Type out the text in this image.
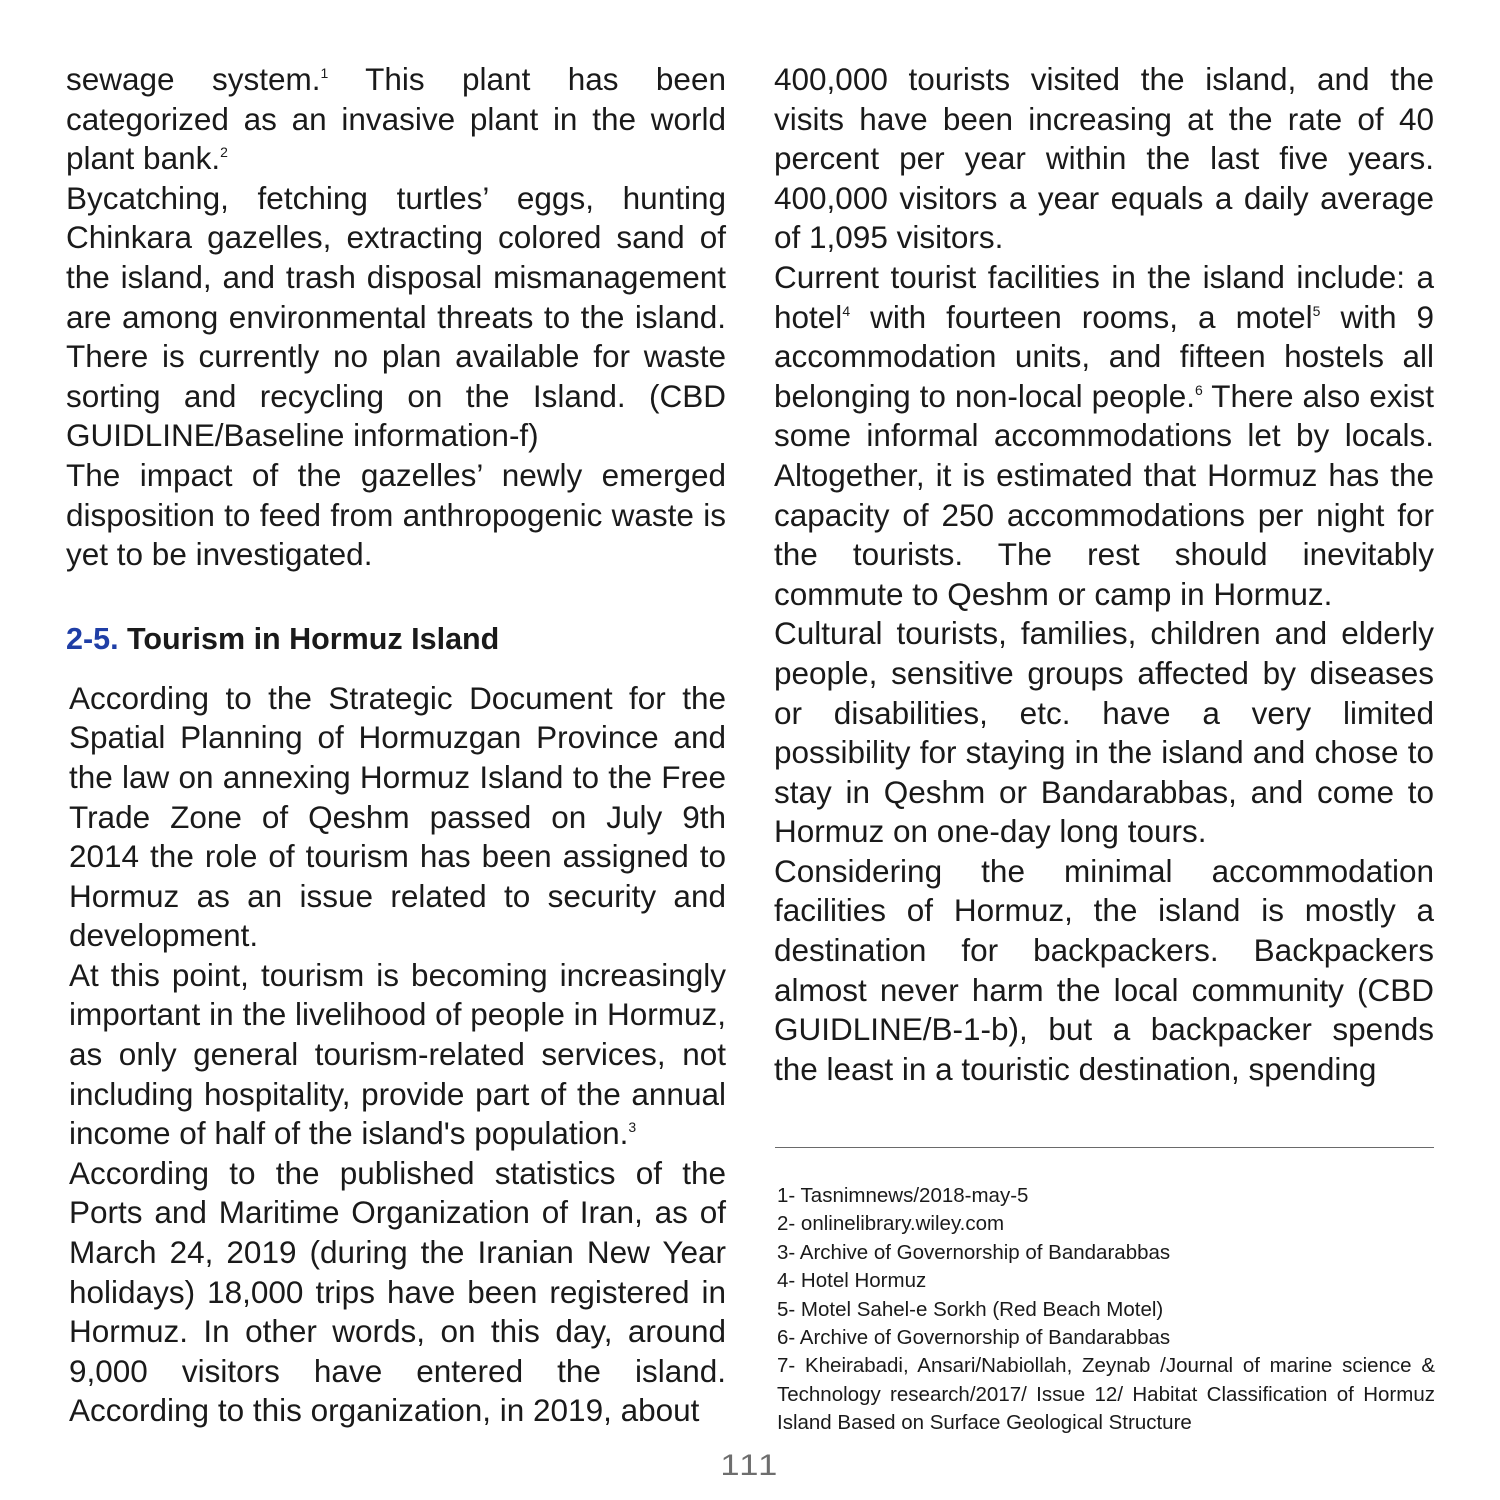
sewage system.$^1$ This plant has been categorized as an invasive plant in the world plant bank.$^2$

Bycatching, fetching turtles’ eggs, hunting Chinkara gazelles, extracting colored sand of the island, and trash disposal mismanagement are among environmental threats to the island. There is currently no plan available for waste sorting and recycling on the Island. (CBD GUIDLINE/Baseline information-f)

The impact of the gazelles’ newly emerged disposition to feed from anthropogenic waste is yet to be investigated.

2-5. Tourism in Hormuz Island

According to the Strategic Document for the Spatial Planning of Hormuzgan Province and the law on annexing Hormuz Island to the Free Trade Zone of Qeshm passed on July 9th 2014 the role of tourism has been assigned to Hormuz as an issue related to security and development.

At this point, tourism is becoming increasingly important in the livelihood of people in Hormuz, as only general tourism-related services, not including hospitality, provide part of the annual income of half of the island's population.$^3$

According to the published statistics of the Ports and Maritime Organization of Iran, as of March 24, 2019 (during the Iranian New Year holidays) 18,000 trips have been registered in Hormuz. In other words, on this day, around 9,000 visitors have entered the island. According to this organization, in 2019, about

400,000 tourists visited the island, and the visits have been increasing at the rate of 40 percent per year within the last five years. 400,000 visitors a year equals a daily average of 1,095 visitors.

Current tourist facilities in the island include: a hotel$^4$ with fourteen rooms, a motel$^5$ with 9 accommodation units, and fifteen hostels all belonging to non-local people.$^6$ There also exist some informal accommodations let by locals. Altogether, it is estimated that Hormuz has the capacity of 250 accommodations per night for the tourists. The rest should inevitably commute to Qeshm or camp in Hormuz.

Cultural tourists, families, children and elderly people, sensitive groups affected by diseases or disabilities, etc. have a very limited possibility for staying in the island and chose to stay in Qeshm or Bandarabbas, and come to Hormuz on one-day long tours.

Considering the minimal accommodation facilities of Hormuz, the island is mostly a destination for backpackers. Backpackers almost never harm the local community (CBD GUIDLINE/B-1-b), but a backpacker spends the least in a touristic destination, spending

1- Tasnimnews/2018-may-5

2- onlinelibrary.wiley.com

3- Archive of Governorship of Bandarabbas

4- Hotel Hormuz

5- Motel Sahel-e Sorkh (Red Beach Motel)

6- Archive of Governorship of Bandarabbas

7- Kheirabadi, Ansari/Nabiollah, Zeynab /Journal of marine science & Technology research/2017/ Issue 12/ Habitat Classification of Hormuz Island Based on Surface Geological Structure

111
